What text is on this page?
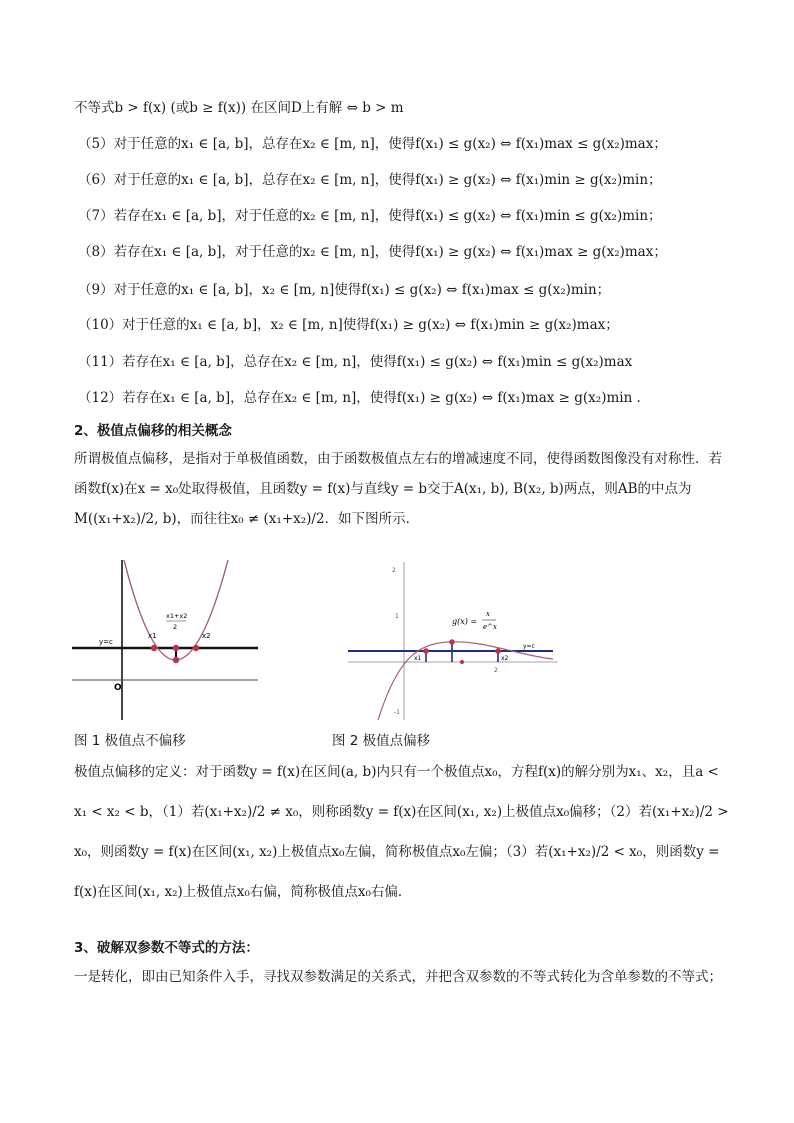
不等式b > f(x) (或b ≥ f(x)) 在区间D上有解 ⇔ b > m
（5）对于任意的x₁ ∈ [a, b]，总存在x₂ ∈ [m, n]，使得f(x₁) ≤ g(x₂) ⇔ f(x₁)max ≤ g(x₂)max；
（6）对于任意的x₁ ∈ [a, b]，总存在x₂ ∈ [m, n]，使得f(x₁) ≥ g(x₂) ⇔ f(x₁)min ≥ g(x₂)min；
（7）若存在x₁ ∈ [a, b]，对于任意的x₂ ∈ [m, n]，使得f(x₁) ≤ g(x₂) ⇔ f(x₁)min ≤ g(x₂)min；
（8）若存在x₁ ∈ [a, b]，对于任意的x₂ ∈ [m, n]，使得f(x₁) ≥ g(x₂) ⇔ f(x₁)max ≥ g(x₂)max；
（9）对于任意的x₁ ∈ [a, b]，x₂ ∈ [m, n]使得f(x₁) ≤ g(x₂) ⇔ f(x₁)max ≤ g(x₂)min；
（10）对于任意的x₁ ∈ [a, b]，x₂ ∈ [m, n]使得f(x₁) ≥ g(x₂) ⇔ f(x₁)min ≥ g(x₂)max；
（11）若存在x₁ ∈ [a, b]，总存在x₂ ∈ [m, n]，使得f(x₁) ≤ g(x₂) ⇔ f(x₁)min ≤ g(x₂)max
（12）若存在x₁ ∈ [a, b]，总存在x₂ ∈ [m, n]，使得f(x₁) ≥ g(x₂) ⇔ f(x₁)max ≥ g(x₂)min .
2、极值点偏移的相关概念
所谓极值点偏移，是指对于单极值函数，由于函数极值点左右的增减速度不同，使得函数图像没有对称性．若函数f(x)在x = x₀处取得极值，且函数y = f(x)与直线y = b交于A(x₁, b), B(x₂, b)两点，则AB的中点为M((x₁+x₂)/2, b)，而往往x₀ ≠ (x₁+x₂)/2．如下图所示．
y=c
x1	x2
x1+x2
2
O
2
1
2
g(x) =
x
e^x
y=c
x1	x2
-1
图 1 极值点不偏移	图 2 极值点偏移
极值点偏移的定义：对于函数y = f(x)在区间(a, b)内只有一个极值点x₀，方程f(x)的解分别为x₁、x₂，且a < x₁ < x₂ < b，（1）若(x₁+x₂)/2 ≠ x₀，则称函数y = f(x)在区间(x₁, x₂)上极值点x₀偏移；（2）若(x₁+x₂)/2 > x₀，则函数y = f(x)在区间(x₁, x₂)上极值点x₀左偏，简称极值点x₀左偏；（3）若(x₁+x₂)/2 < x₀，则函数y = f(x)在区间(x₁, x₂)上极值点x₀右偏，简称极值点x₀右偏．
3、破解双参数不等式的方法：
一是转化，即由已知条件入手，寻找双参数满足的关系式，并把含双参数的不等式转化为含单参数的不等式；
